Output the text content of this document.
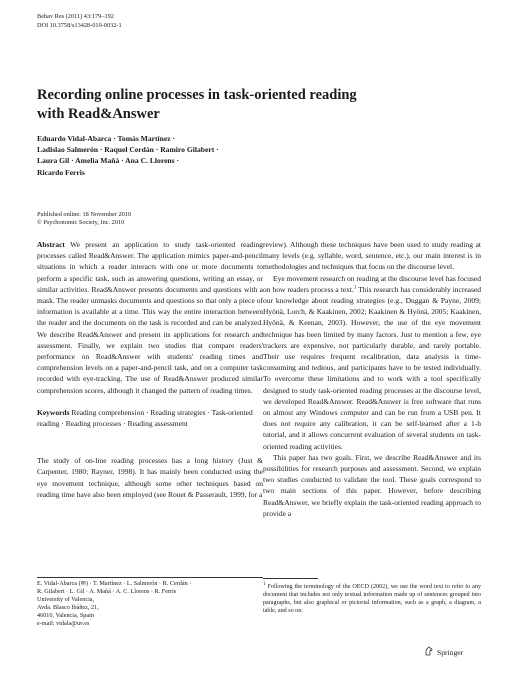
Behav Res (2011) 43:179–192
DOI 10.3758/s13428-010-0032-1
Recording online processes in task-oriented reading
with Read&Answer
Eduardo Vidal-Abarca · Tomás Martínez ·
Ladislao Salmerón · Raquel Cerdán · Ramiro Gilabert ·
Laura Gil · Amelia Mañá · Ana C. Llorens ·
Ricardo Ferris
Published online: 18 November 2010
© Psychonomic Society, Inc. 2010

Abstract We present an application to study task-oriented reading processes called Read&Answer. The application mimics paper-and-pencil situations in which a reader interacts with one or more documents to perform a specific task, such as answering questions, writing an essay, or similar activities. Read&Answer presents documents and questions with a mask. The reader unmasks documents and questions so that only a piece of information is available at a time. This way the entire interaction between the reader and the documents on the task is recorded and can be analyzed. We describe Read&Answer and present its applications for research and assessment. Finally, we explain two studies that compare readers' performance on Read&Answer with students' reading times and comprehension levels on a paper-and-pencil task, and on a computer task recorded with eye-tracking. The use of Read&Answer produced similar comprehension scores, although it changed the pattern of reading times.

Keywords Reading comprehension · Reading strategies · Task-oriented reading · Reading processes · Reading assessment

The study of on-line reading processes has a long history (Just & Carpenter, 1980; Rayner, 1998). It has mainly been conducted using the eye movement technique, although some other techniques based on reading time have also been employed (see Rouet & Passerault, 1999, for a

review). Although these techniques have been used to study reading at many levels (e.g. syllable, word, sentence, etc.), our main interest is in methodologies and techniques that focus on the discourse level.

Eye movement research on reading at the discourse level has focused on how readers process a text.$^1$ This research has considerably increased our knowledge about reading strategies (e.g., Duggan & Payne, 2009; Hyönä, Lorch, & Kaakinen, 2002; Kaakinen & Hyönä, 2005; Kaakinen, Hyönä, & Keenan, 2003). However, the use of the eye movement technique has been limited by many factors. Just to mention a few, eye trackers are expensive, not particularly durable, and rarely portable. Their use requires frequent recalibration, data analysis is time-consuming and tedious, and participants have to be tested individually. To overcome these limitations and to work with a tool specifically designed to study task-oriented reading processes at the discourse level, we developed Read&Answer. Read&Answer is free software that runs on almost any Windows computer and can be run from a USB pen. It does not require any calibration, it can be self-learned after a 1-h tutorial, and it allows concurrent evaluation of several students on task-oriented reading activities.

This paper has two goals. First, we describe Read&Answer and its possibilities for research purposes and assessment. Second, we explain two studies conducted to validate the tool. These goals correspond to two main sections of this paper. However, before describing Read&Answer, we briefly explain the task-oriented reading approach to provide a

E. Vidal-Abarca (✉) · T. Martínez · L. Salmerón · R. Cerdán ·
R. Gilabert · L. Gil · A. Mañá · A. C. Llorens · R. Ferris
University of Valencia,
Avda. Blasco Ibáñez, 21,
46010, Valencia, Spain
e-mail: vidala@uv.es
$^1$ Following the terminology of the OECD (2002), we use the word text to refer to any document that includes not only textual information made up of sentences grouped into paragraphs, but also graphical or pictorial information, such as a graph, a diagram, a table, and so on.
Springer
